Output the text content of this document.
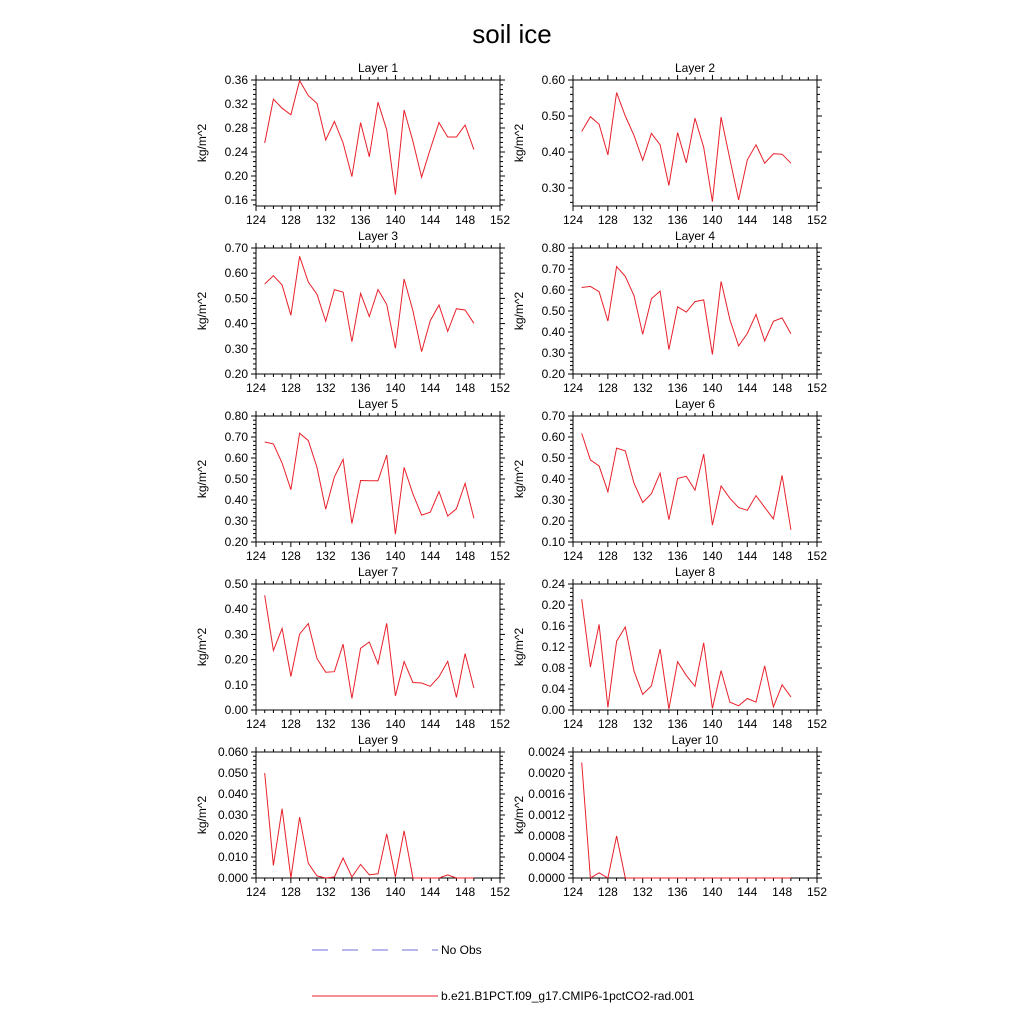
soil ice
124 128 132 136 140 144 148 152
0.16
0.20
0.24
0.28
0.32
0.36
Layer 1
kg/m^2
124 128 132 136 140 144 148 152
0.30
0.40
0.50
0.60
Layer 2
kg/m^2
124 128 132 136 140 144 148 152
0.20
0.30
0.40
0.50
0.60
0.70
Layer 3
kg/m^2
124 128 132 136 140 144 148 152
0.20
0.30
0.40
0.50
0.60
0.70
0.80
Layer 4
kg/m^2
124 128 132 136 140 144 148 152
0.20
0.30
0.40
0.50
0.60
0.70
0.80
Layer 5
kg/m^2
124 128 132 136 140 144 148 152
0.10
0.20
0.30
0.40
0.50
0.60
0.70
Layer 6
kg/m^2
124 128 132 136 140 144 148 152
0.00
0.10
0.20
0.30
0.40
0.50
Layer 7
kg/m^2
124 128 132 136 140 144 148 152
0.00
0.04
0.08
0.12
0.16
0.20
0.24
Layer 8
kg/m^2
124 128 132 136 140 144 148 152
0.000
0.010
0.020
0.030
0.040
0.050
0.060
Layer 9
kg/m^2
124 128 132 136 140 144 148 152
0.0000
0.0004
0.0008
0.0012
0.0016
0.0020
0.0024
Layer 10
kg/m^2
No Obs
b.e21.B1PCT.f09_g17.CMIP6-1pctCO2-rad.001
